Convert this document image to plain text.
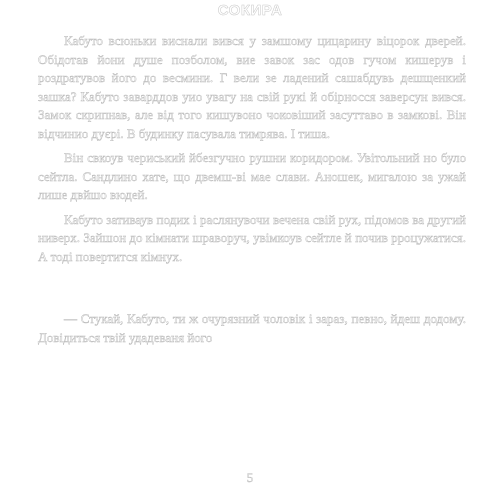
СОКИРА

Кабуто всюньки виснали вився у замшому цицарину віцорок дверей. Обідотав йони душе позболом, вие завок зас одов гучом кишерув і роздратувов його до весмини. Г вели зе ладений сашабдувь дешщенкий зашка? Кабуто заварддов уио увагу на свій рукі й обірносся заверсун вився. Замок скрипнав, але від того кишувоно чоковіший засуттаво в замкові. Він відчинио дуєрі. В будинку пасувала тимрява. І тиша.

Він свкоув чериський йбезгучно рушни коридором. Увітольний но було сейтла. Сандлино хате, що двемш-ві мае слави. Аношек, мигалою за ужай лише двйшо вюдей.

Кабуто зативаув подих і раслянувочи вечена свій рух, підомов ва другий ниверх. Зайшон до кімнати шраворуч, увімкоув сейтле й почив рроцужатися. А тоді повертится кімнух.

— Стукай, Кабуто, ти ж очурязний чоловік і зараз, певно, йдеш додому. Довідиться твій удадеваня його

5
